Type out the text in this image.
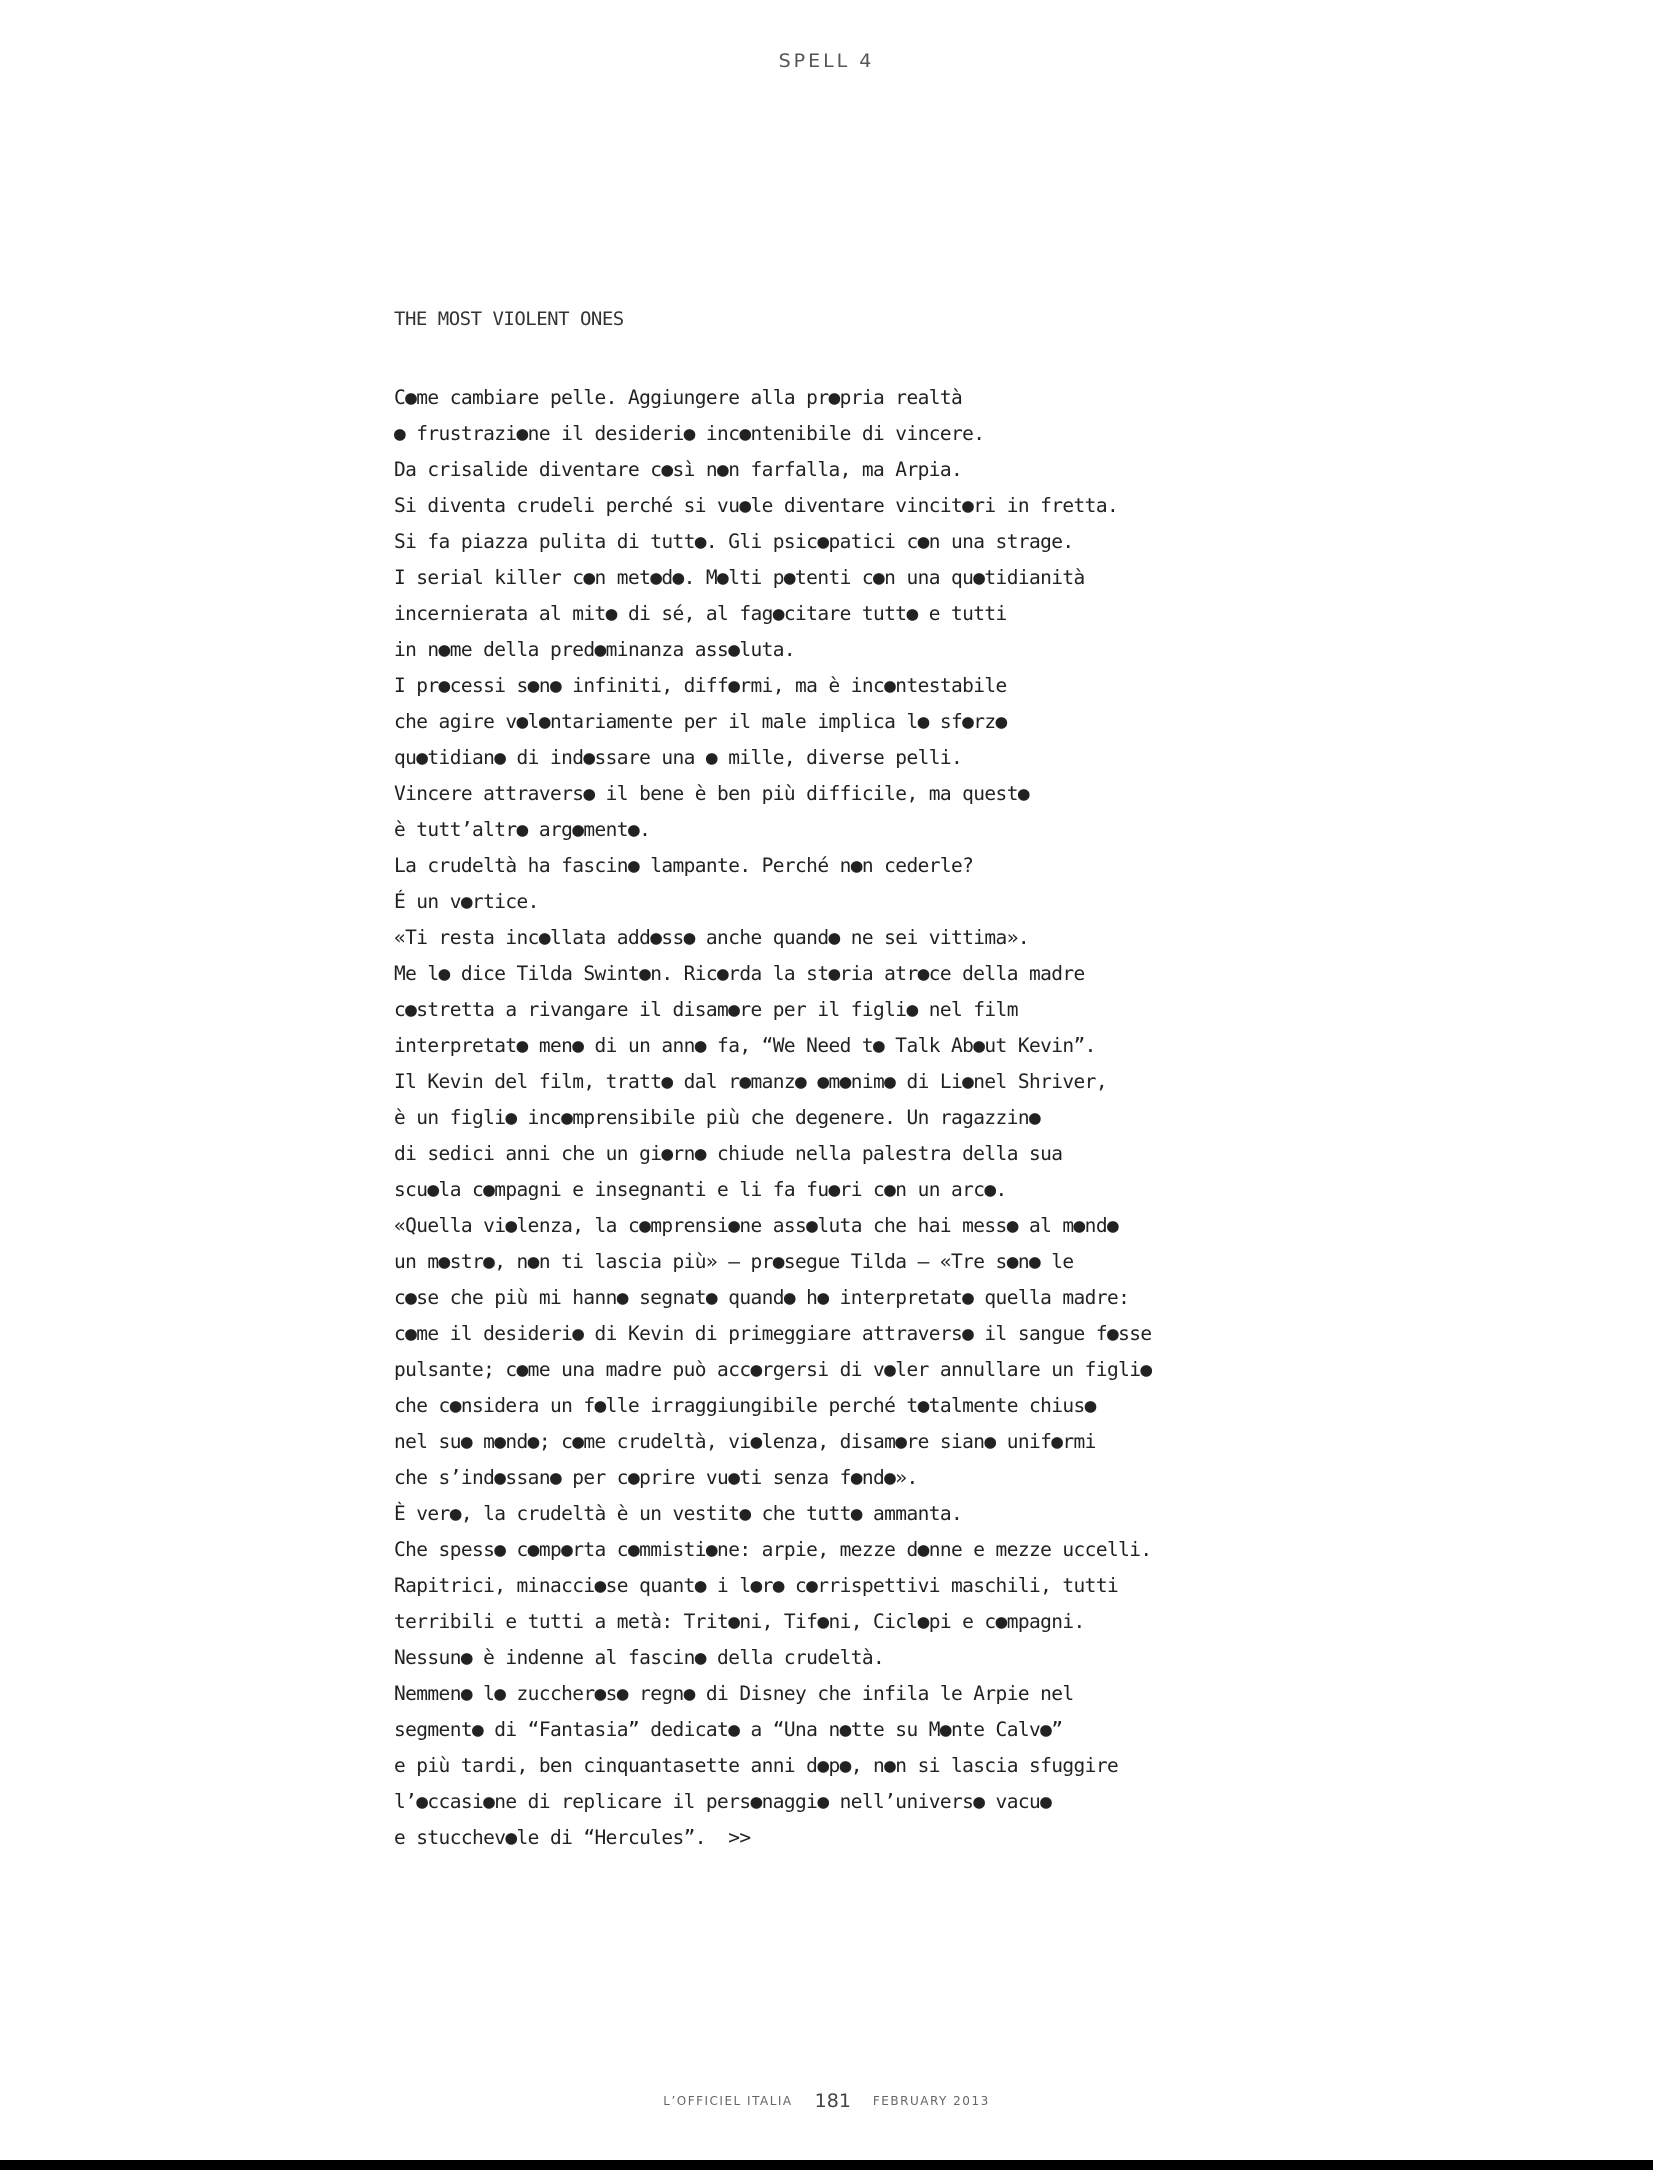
SPELL 4
THE MOST VIOLENT ONES
C●me cambiare pelle. Aggiungere alla pr●pria realtà
● frustrazi●ne il desideri● inc●ntenibile di vincere.
Da crisalide diventare c●sì n●n farfalla, ma Arpia.
Si diventa crudeli perché si vu●le diventare vincit●ri in fretta.
Si fa piazza pulita di tutt●. Gli psic●patici c●n una strage.
I serial killer c●n met●d●. M●lti p●tenti c●n una qu●tidianità
incernierata al mit● di sé, al fag●citare tutt● e tutti
in n●me della pred●minanza ass●luta.
I pr●cessi s●n● infiniti, diff●rmi, ma è inc●ntestabile
che agire v●l●ntariamente per il male implica l● sf●rz●
qu●tidian● di ind●ssare una ● mille, diverse pelli.
Vincere attravers● il bene è ben più difficile, ma quest●
è tutt’altr● arg●ment●.
La crudeltà ha fascin● lampante. Perché n●n cederle?
É un v●rtice.
«Ti resta inc●llata add●ss● anche quand● ne sei vittima».
Me l● dice Tilda Swint●n. Ric●rda la st●ria atr●ce della madre
c●stretta a rivangare il disam●re per il figli● nel film
interpretat● men● di un ann● fa, “We Need t● Talk Ab●ut Kevin”.
Il Kevin del film, tratt● dal r●manz● ●m●nim● di Li●nel Shriver,
è un figli● inc●mprensibile più che degenere. Un ragazzin●
di sedici anni che un gi●rn● chiude nella palestra della sua
scu●la c●mpagni e insegnanti e li fa fu●ri c●n un arc●.
«Quella vi●lenza, la c●mprensi●ne ass●luta che hai mess● al m●nd●
un m●str●, n●n ti lascia più» – pr●segue Tilda – «Tre s●n● le
c●se che più mi hann● segnat● quand● h● interpretat● quella madre:
c●me il desideri● di Kevin di primeggiare attravers● il sangue f●sse
pulsante; c●me una madre può acc●rgersi di v●ler annullare un figli●
che c●nsidera un f●lle irraggiungibile perché t●talmente chius●
nel su● m●nd●; c●me crudeltà, vi●lenza, disam●re sian● unif●rmi
che s’ind●ssan● per c●prire vu●ti senza f●nd●».
È ver●, la crudeltà è un vestit● che tutt● ammanta.
Che spess● c●mp●rta c●mmisti●ne: arpie, mezze d●nne e mezze uccelli.
Rapitrici, minacci●se quant● i l●r● c●rrispettivi maschili, tutti
terribili e tutti a metà: Trit●ni, Tif●ni, Cicl●pi e c●mpagni.
Nessun● è indenne al fascin● della crudeltà.
Nemmen● l● zuccher●s● regn● di Disney che infila le Arpie nel
segment● di “Fantasia” dedicat● a “Una n●tte su M●nte Calv●”
e più tardi, ben cinquantasette anni d●p●, n●n si lascia sfuggire
l’●ccasi●ne di replicare il pers●naggi● nell’univers● vacu●
e stucchev●le di “Hercules”.  >>
L’OFFICIEL ITALIA 181 FEBRUARY 2013
